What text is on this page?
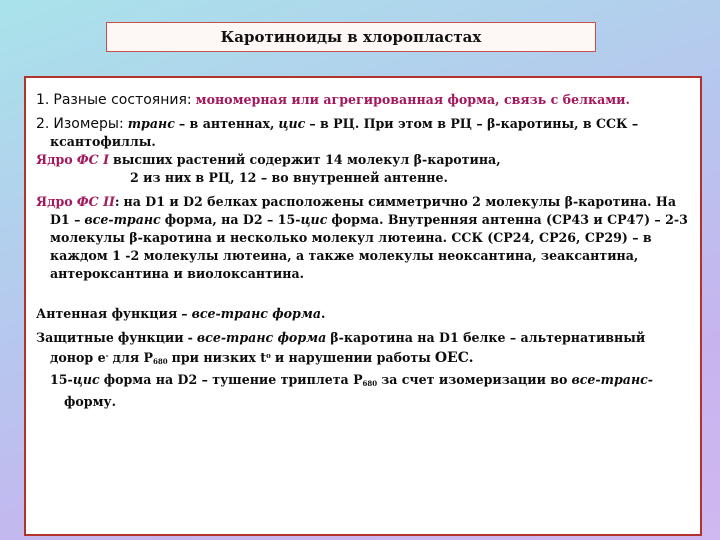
Каротиноиды в хлоропластах

1. Разные состояния: мономерная или агрегированная форма, связь с белками.

2. Изомеры: транс – в антеннах, цис – в РЦ. При этом в РЦ – β-каротины, в ССК – ксантофиллы.

Ядро ФС I высших растений содержит 14 молекул β-каротина,

2 из них в РЦ, 12 – во внутренней антенне.

Ядро ФС II: на D1 и D2 белках расположены симметрично 2 молекулы β-каротина. На D1 – все-транс форма, на D2 – 15-цис форма. Внутренняя антенна (СР43 и СР47) – 2-3 молекулы β-каротина и несколько молекул лютеина. ССК (СР24, СР26, СР29) – в каждом 1 -2 молекулы лютеина, а также молекулы неоксантина, зеаксантина, антероксантина и виолоксантина.

Антенная функция – все-транс форма.

Защитные функции - все-транс форма β-каротина на D1 белке – альтернативный донор е- для $Р_{680}$ при низких $t^o$ и нарушении работы OEC.

15-цис форма на D2 – тушение триплета $Р_{680}$ за счет изомеризации во все-транс-форму.
